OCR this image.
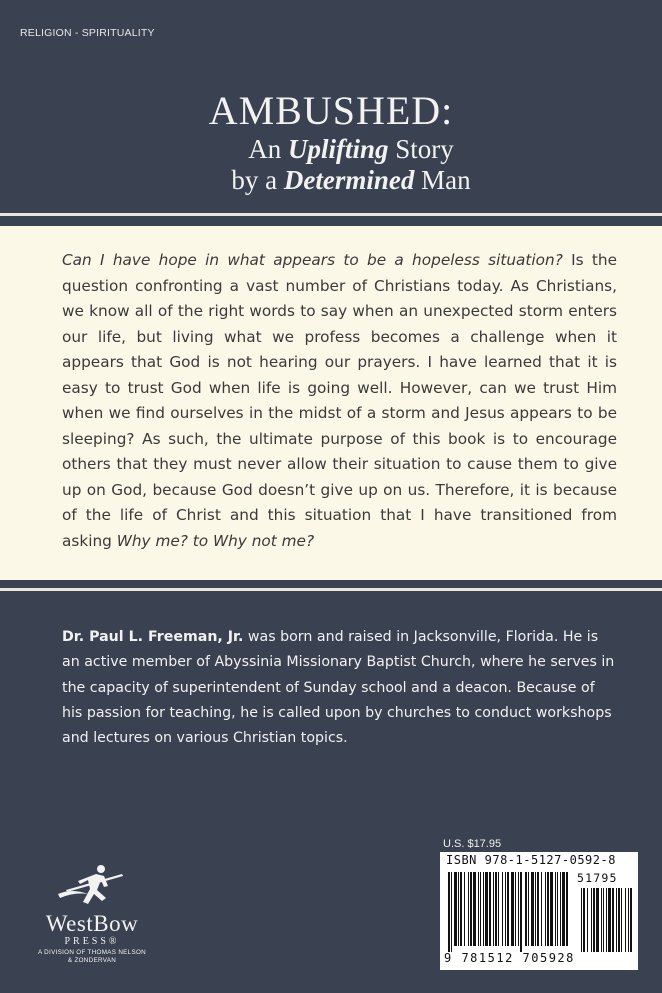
RELIGION - SPIRITUALITY
AMBUSHED:
An Uplifting Story
by a Determined Man
Can I have hope in what appears to be a hopeless situation? Is the question confronting a vast number of Christians today. As Christians, we know all of the right words to say when an unexpected storm enters our life, but living what we profess becomes a challenge when it appears that God is not hearing our prayers. I have learned that it is easy to trust God when life is going well. However, can we trust Him when we find ourselves in the midst of a storm and Jesus appears to be sleeping? As such, the ultimate purpose of this book is to encourage others that they must never allow their situation to cause them to give up on God, because God doesn’t give up on us. Therefore, it is because of the life of Christ and this situation that I have transitioned from asking Why me? to Why not me?
Dr. Paul L. Freeman, Jr. was born and raised in Jacksonville, Florida. He is an active member of Abyssinia Missionary Baptist Church, where he serves in the capacity of superintendent of Sunday school and a deacon. Because of his passion for teaching, he is called upon by churches to conduct workshops and lectures on various Christian topics.
WestBow
PRESS®
A DIVISION OF THOMAS NELSON
& ZONDERVAN
U.S. $17.95
ISBN 978-1-5127-0592-8
51795
9 781512 705928
